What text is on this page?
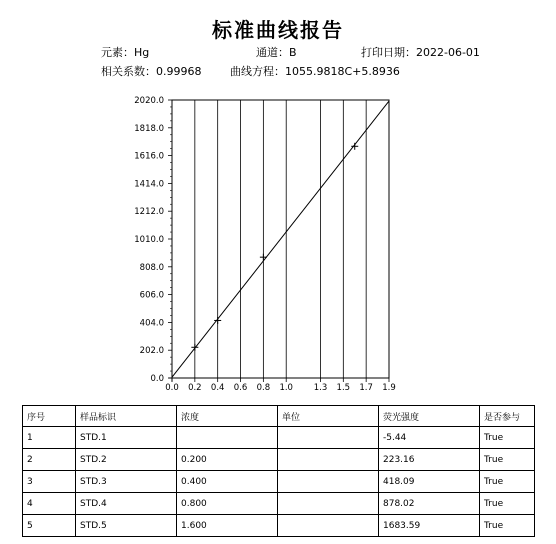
标准曲线报告
元素：Hg	通道：B	打印日期：2022-06-01
相关系数：0.99968	曲线方程：1055.9818C+5.8936
0.0 0.2 0.4 0.6 0.8 1.0 1.3 1.5 1.7 1.9
0.0
202.0
404.0
606.0
808.0
1010.0
1212.0
1414.0
1616.0
1818.0
2020.0
序号	样品标识	浓度	单位	荧光强度	是否参与
1	STD.1			-5.44	True
2	STD.2	0.200		223.16	True
3	STD.3	0.400		418.09	True
4	STD.4	0.800		878.02	True
5	STD.5	1.600		1683.59	True
